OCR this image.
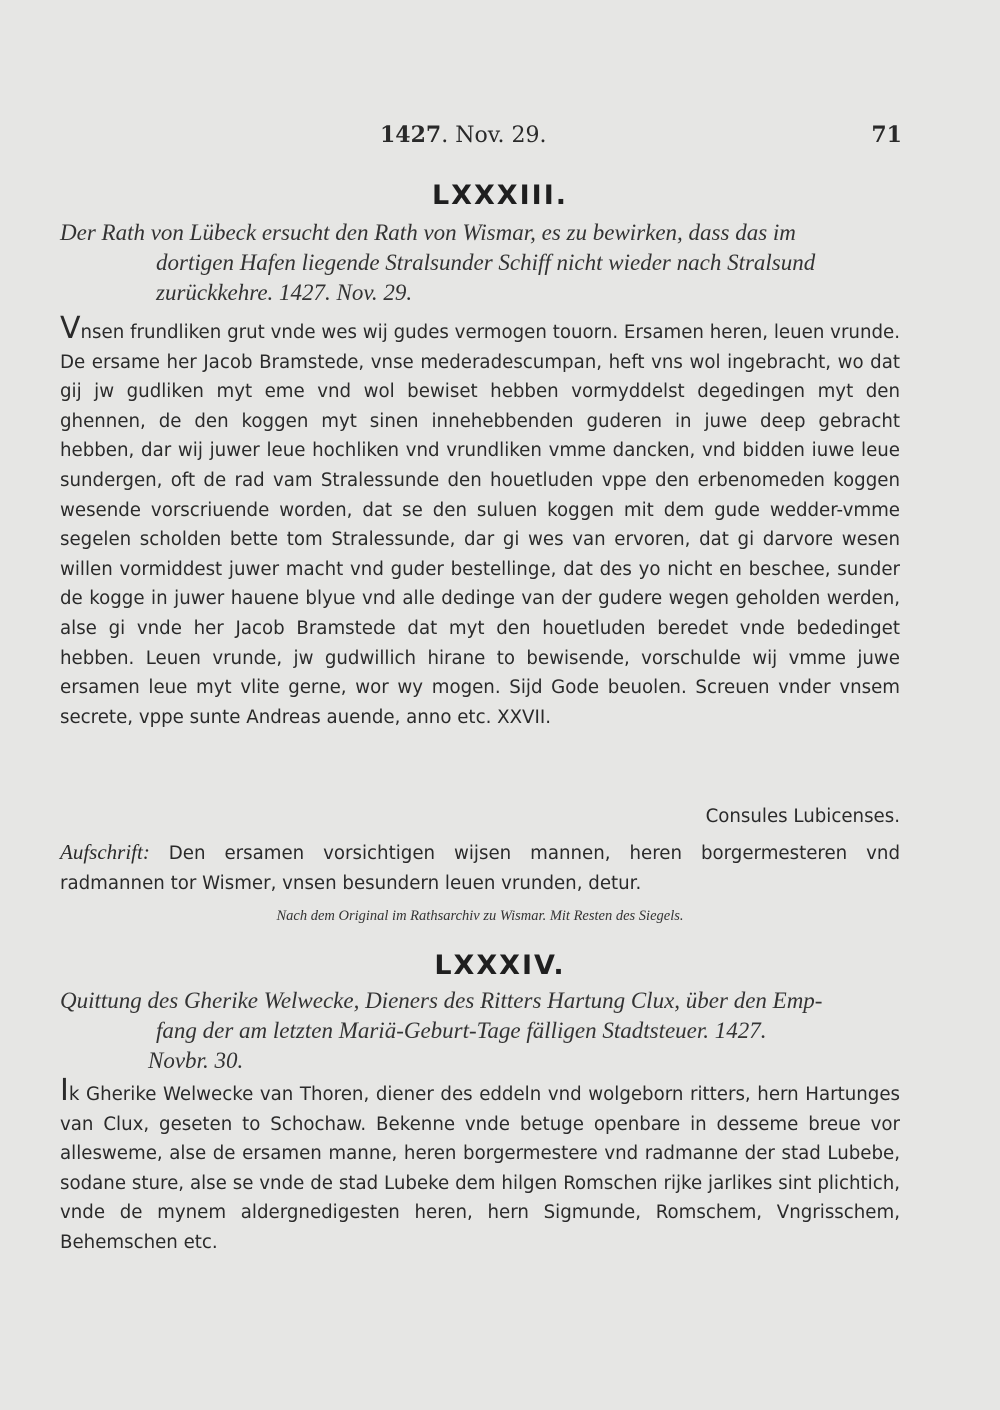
1427. Nov. 29.	71
LXXXIII.
Der Rath von Lübeck ersucht den Rath von Wismar, es zu bewirken, dass das im
dortigen Hafen liegende Stralsunder Schiff nicht wieder nach Stralsund
zurückkehre. 1427. Nov. 29.

Vnsen frundliken grut vnde wes wij gudes vermogen touorn. Ersamen heren, leuen vrunde. De ersame her Jacob Bramstede, vnse mederadescumpan, heft vns wol ingebracht, wo dat gij jw gudliken myt eme vnd wol bewiset hebben vormyddelst degedingen myt den ghennen, de den koggen myt sinen innehebbenden guderen in juwe deep gebracht hebben, dar wij juwer leue hochliken vnd vrundliken vmme dancken, vnd bidden iuwe leue sundergen, oft de rad vam Stralessunde den houetluden vppe den erbenomeden koggen wesende vorscriuende worden, dat se den suluen koggen mit dem gude wedder-vmme segelen scholden bette tom Stralessunde, dar gi wes van ervoren, dat gi darvore wesen willen vormiddest juwer macht vnd guder bestellinge, dat des yo nicht en beschee, sunder de kogge in juwer hauene blyue vnd alle dedinge van der gudere wegen geholden werden, alse gi vnde her Jacob Bramstede dat myt den houetluden beredet vnde bededinget hebben. Leuen vrunde, jw gudwillich hirane to bewisende, vorschulde wij vmme juwe ersamen leue myt vlite gerne, wor wy mogen. Sijd Gode beuolen. Screuen vnder vnsem secrete, vppe sunte Andreas auende, anno etc. XXVII.

Consules Lubicenses.
Aufschrift: Den ersamen vorsichtigen wijsen mannen, heren borgermesteren vnd radmannen tor Wismer, vnsen besundern leuen vrunden, detur.
Nach dem Original im Rathsarchiv zu Wismar. Mit Resten des Siegels.
LXXXIV.
Quittung des Gherike Welwecke, Dieners des Ritters Hartung Clux, über den Emp-
fang der am letzten Mariä-Geburt-Tage fälligen Stadtsteuer. 1427.
Novbr. 30.

Ik Gherike Welwecke van Thoren, diener des eddeln vnd wolgeborn ritters, hern Hartunges van Clux, geseten to Schochaw. Bekenne vnde betuge openbare in desseme breue vor allesweme, alse de ersamen manne, heren borgermestere vnd radmanne der stad Lubebe, sodane sture, alse se vnde de stad Lubeke dem hilgen Romschen rijke jarlikes sint plichtich, vnde de mynem aldergnedigesten heren, hern Sigmunde, Romschem, Vngrisschem, Behemschen etc.
